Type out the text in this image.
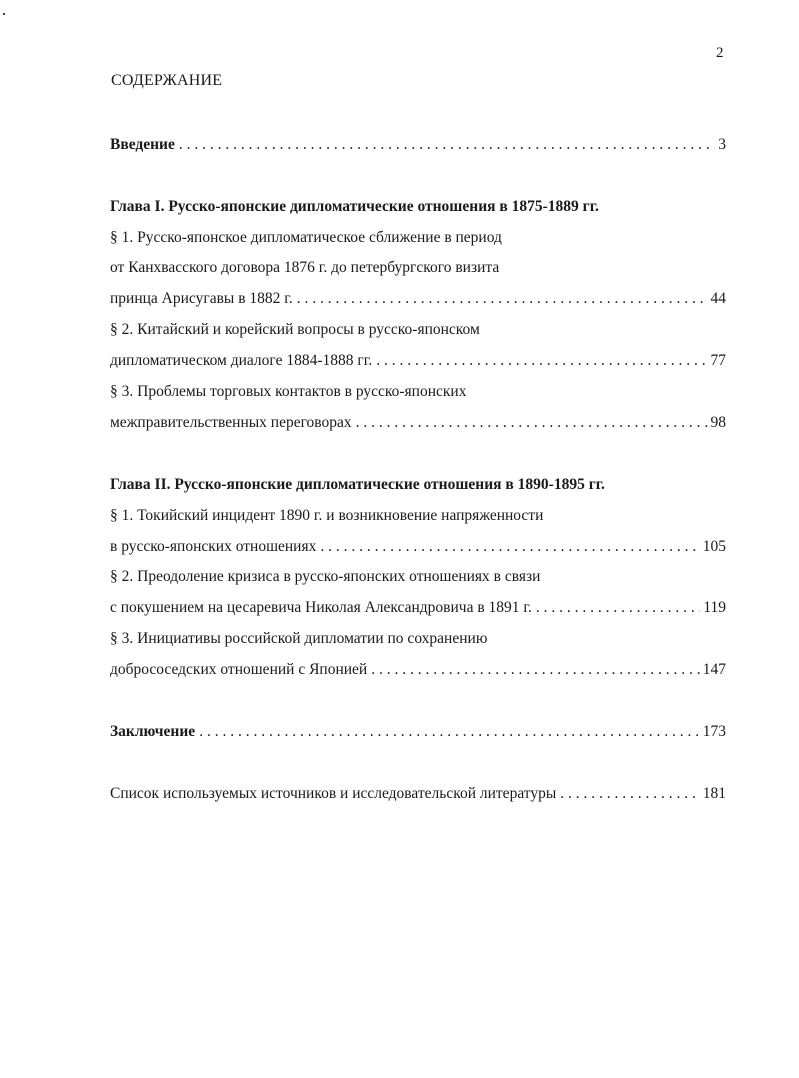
2
СОДЕРЖАНИЕ
Введение . . .	3
Глава I. Русско-японские дипломатические отношения в 1875-1889 гг.
§ 1. Русско-японское дипломатическое сближение в период
от Канхвасского договора 1876 г. до петербургского визита
принца Арисугавы в 1882 г. . . .	44
§ 2. Китайский и корейский вопросы в русско-японском
дипломатическом диалоге 1884-1888 гг. . . .	77
§ 3. Проблемы торговых контактов в русско-японских
межправительственных переговорах . . .	98
Глава II. Русско-японские дипломатические отношения в 1890-1895 гг.
§ 1. Токийский инцидент 1890 г. и возникновение напряженности
в русско-японских отношениях . . .	105
§ 2. Преодоление кризиса в русско-японских отношениях в связи
с покушением на цесаревича Николая Александровича в 1891 г. . . .	119
§ 3. Инициативы российской дипломатии по сохранению
добрососедских отношений с Японией . . .	147
Заключение . . .	173
Список используемых источников и исследовательской литературы . . .	181
